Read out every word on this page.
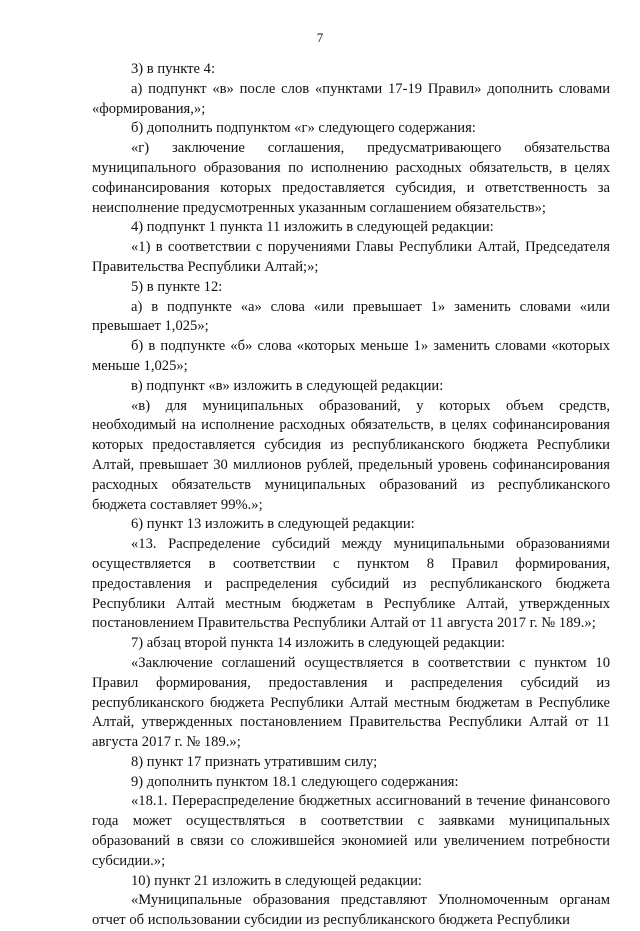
7

3) в пункте 4:

а) подпункт «в» после слов «пунктами 17-19 Правил» дополнить словами «формирования,»;

б) дополнить подпунктом «г» следующего содержания:

«г) заключение соглашения, предусматривающего обязательства муниципального образования по исполнению расходных обязательств, в целях софинансирования которых предоставляется субсидия, и ответственность за неисполнение предусмотренных указанным соглашением обязательств»;

4) подпункт 1 пункта 11 изложить в следующей редакции:

«1) в соответствии с поручениями Главы Республики Алтай, Председателя Правительства Республики Алтай;»;

5) в пункте 12:

а) в подпункте «а» слова «или превышает 1» заменить словами «или превышает 1,025»;

б) в подпункте «б» слова «которых меньше 1» заменить словами «которых меньше 1,025»;

в) подпункт «в» изложить в следующей редакции:

«в) для муниципальных образований, у которых объем средств, необходимый на исполнение расходных обязательств, в целях софинансирования которых предоставляется субсидия из республиканского бюджета Республики Алтай, превышает 30 миллионов рублей, предельный уровень софинансирования расходных обязательств муниципальных образований из республиканского бюджета составляет 99%.»;

6) пункт 13 изложить в следующей редакции:

«13. Распределение субсидий между муниципальными образованиями осуществляется в соответствии с пунктом 8 Правил формирования, предоставления и распределения субсидий из республиканского бюджета Республики Алтай местным бюджетам в Республике Алтай, утвержденных постановлением Правительства Республики Алтай от 11 августа 2017 г. № 189.»;

7) абзац второй пункта 14 изложить в следующей редакции:

«Заключение соглашений осуществляется в соответствии с пунктом 10 Правил формирования, предоставления и распределения субсидий из республиканского бюджета Республики Алтай местным бюджетам в Республике Алтай, утвержденных постановлением Правительства Республики Алтай от 11 августа 2017 г. № 189.»;

8) пункт 17 признать утратившим силу;

9) дополнить пунктом 18.1 следующего содержания:

«18.1. Перераспределение бюджетных ассигнований в течение финансового года может осуществляться в соответствии с заявками муниципальных образований в связи со сложившейся экономией или увеличением потребности субсидии.»;

10) пункт 21 изложить в следующей редакции:

«Муниципальные образования представляют Уполномоченным органам отчет об использовании субсидии из республиканского бюджета Республики
